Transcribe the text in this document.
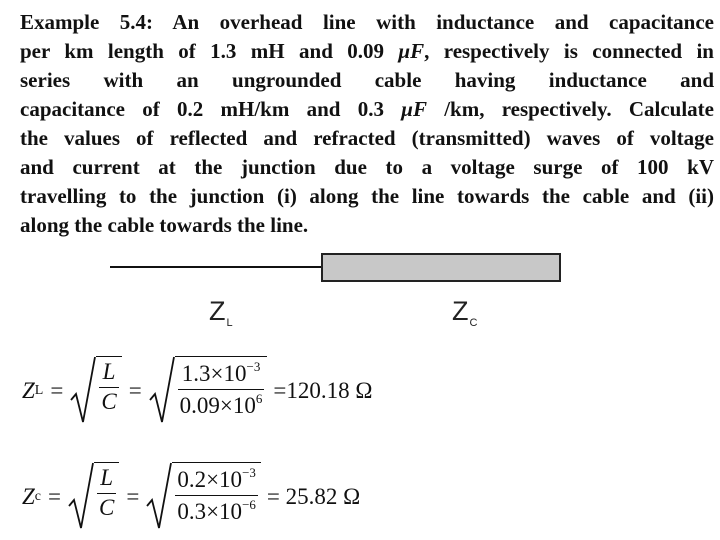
Example 5.4: An overhead line with inductance and capacitance
per km length of 1.3 mH and 0.09 μF, respectively is connected in
series with an ungrounded cable having inductance and
capacitance of 0.2 mH/km and 0.3 μF /km, respectively. Calculate
the values of reflected and refracted (transmitted) waves of voltage
and current at the junction due to a voltage surge of 100 kV
travelling to the junction (i) along the line towards the cable and (ii)
along the cable towards the line.
$Z_L$	$Z_C$
Z $L = \frac{L}{C} = \frac{1.3\times 10^{-3}}{0.09\times 10^6} =120.18$ Ω
Z $c = \frac{L}{C} = \frac{0.2\times 10^{-3}}{0.3\times 10^{-6}} = 25.82$ Ω
